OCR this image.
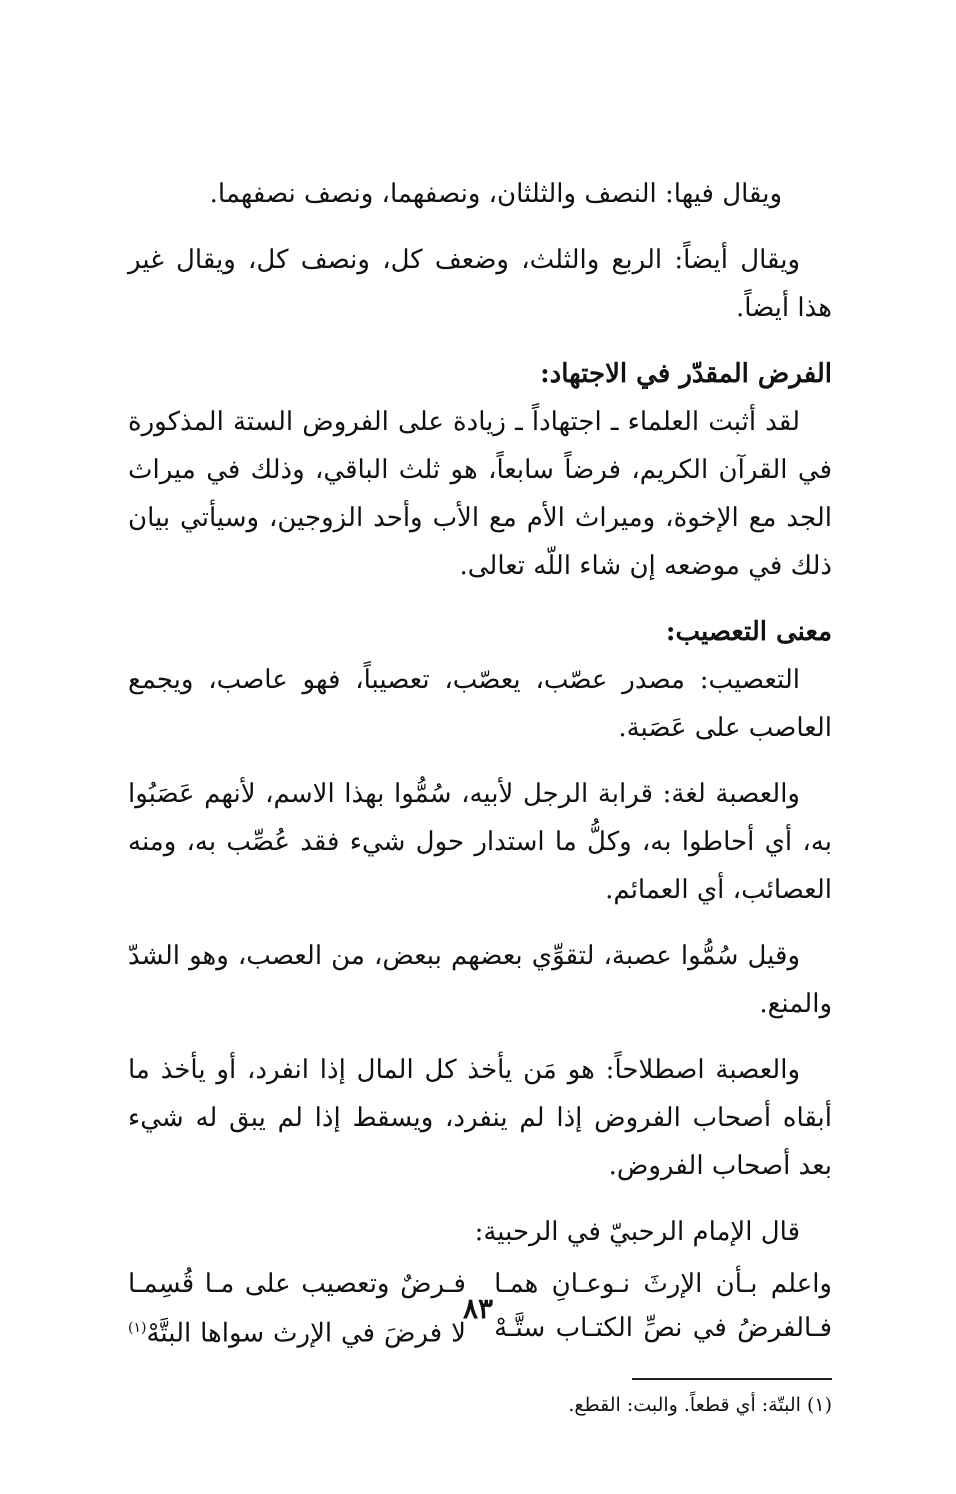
ويقال فيها: النصف والثلثان، ونصفهما، ونصف نصفهما.

ويقال أيضاً: الربع والثلث، وضعف كل، ونصف كل، ويقال غير هذا أيضاً.

الفرض المقدّر في الاجتهاد:

لقد أثبت العلماء ـ اجتهاداً ـ زيادة على الفروض الستة المذكورة في القرآن الكريم، فرضاً سابعاً، هو ثلث الباقي، وذلك في ميراث الجد مع الإخوة، وميراث الأم مع الأب وأحد الزوجين، وسيأتي بيان ذلك في موضعه إن شاء اللّه تعالى.

معنى التعصيب:

التعصيب: مصدر عصّب، يعصّب، تعصيباً، فهو عاصب، ويجمع العاصب على عَصَبة.

والعصبة لغة: قرابة الرجل لأبيه، سُمُّوا بهذا الاسم، لأنهم عَصَبُوا به، أي أحاطوا به، وكلُّ ما استدار حول شيء فقد عُصِّب به، ومنه العصائب، أي العمائم.

وقيل سُمُّوا عصبة، لتقوِّي بعضهم ببعض، من العصب، وهو الشدّ والمنع.

والعصبة اصطلاحاً: هو مَن يأخذ كل المال إذا انفرد، أو يأخذ ما أبقاه أصحاب الفروض إذا لم ينفرد، ويسقط إذا لم يبق له شيء بعد أصحاب الفروض.

قال الإمام الرحبيّ في الرحبية:

واعلم بـأن الإرثَ نـوعـانِ همـا
فـرضٌ وتعصيب على مـا قُسِمـا
فـالفرضُ في نصِّ الكتـاب ستَّـهْ
لا فرضَ في الإرث سواها البتَّهْ$^{(١)}$

(١) البتّة: أي قطعاً. والبت: القطع.

٨٣
